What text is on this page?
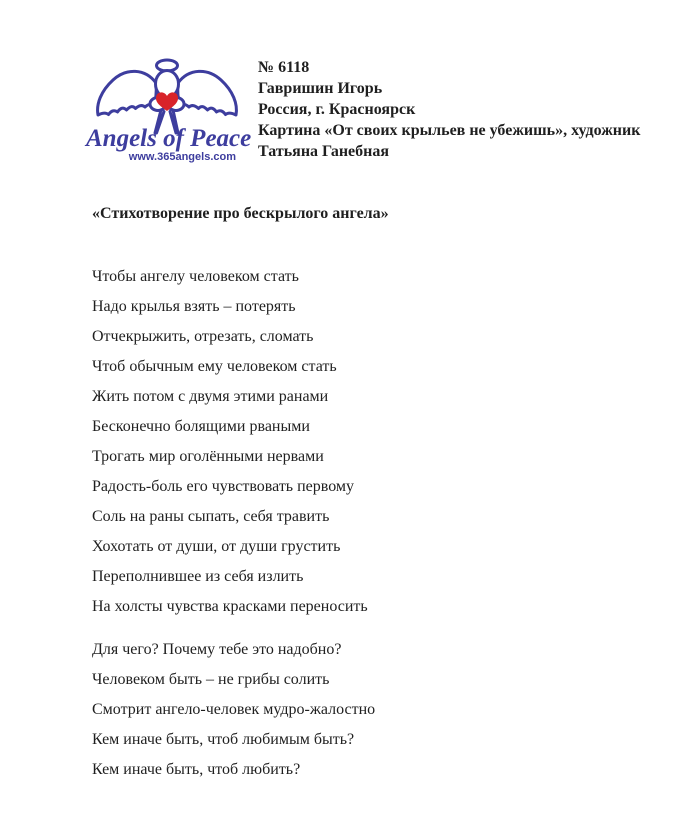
Angels of Peace
www.365angels.com

№ 6118

Гавришин Игорь

Россия, г. Красноярск

Картина «От своих крыльев не убежишь», художник

Татьяна Ганебная

«Стихотворение про бескрылого ангела»

Чтобы ангелу человеком стать

Надо крылья взять – потерять

Отчекрыжить, отрезать, сломать

Чтоб обычным ему человеком стать

Жить потом с двумя этими ранами

Бесконечно болящими рваными

Трогать мир оголёнными нервами

Радость-боль его чувствовать первому

Соль на раны сыпать, себя травить

Хохотать от души, от души грустить

Переполнившее из себя излить

На холсты чувства красками переносить

Для чего? Почему тебе это надобно?

Человеком быть – не грибы солить

Смотрит ангело-человек мудро-жалостно

Кем иначе быть, чтоб любимым быть?

Кем иначе быть, чтоб любить?
